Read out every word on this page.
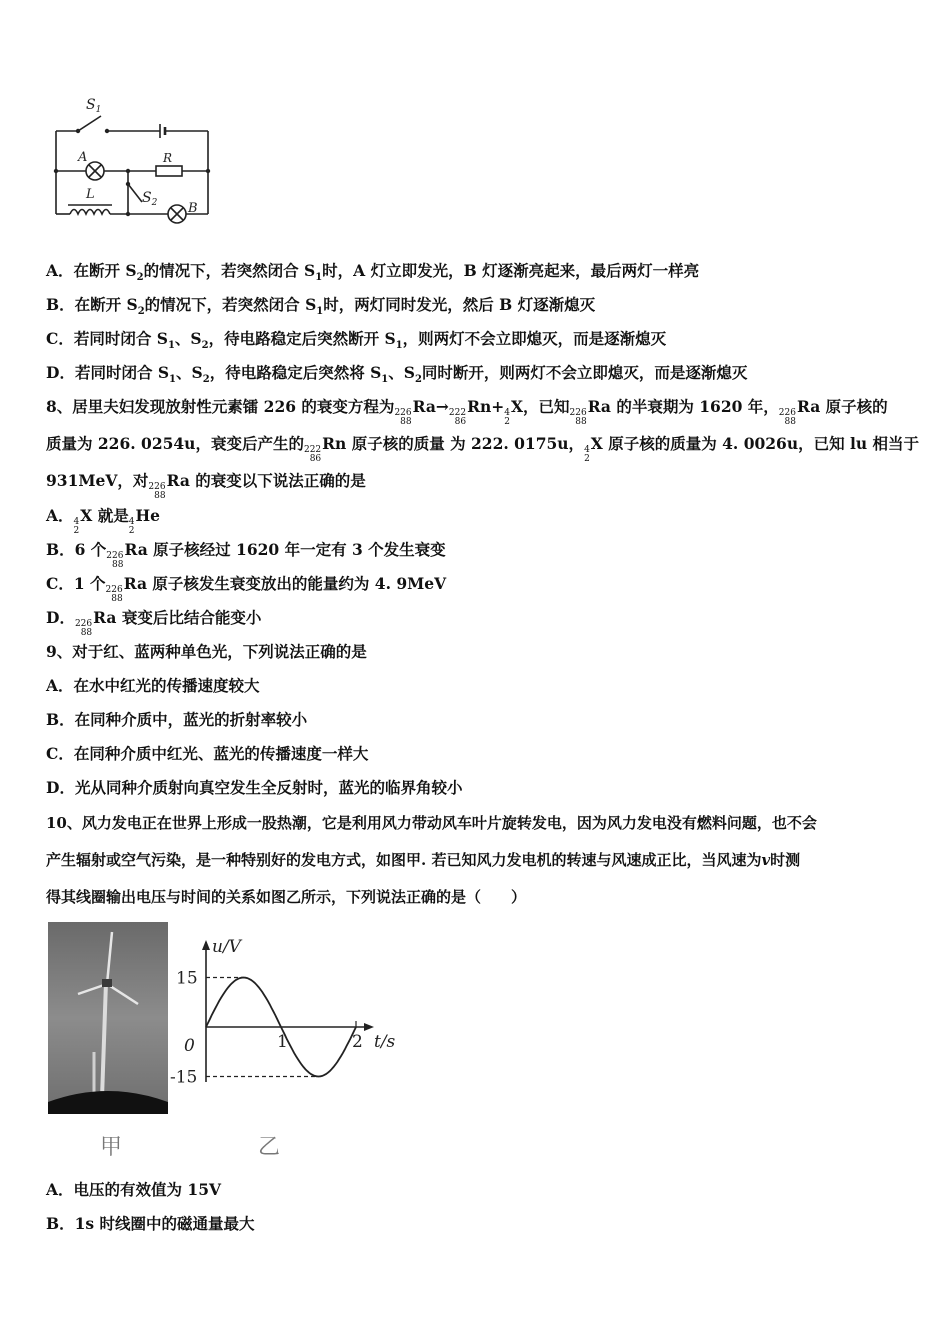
$S_1$
A	R
L	$S_2$ B
A．在断开 $S_2$的情况下，若突然闭合 $S_1$时，A 灯立即发光，B 灯逐渐亮起来，最后两灯一样亮
B．在断开 $S_2$的情况下，若突然闭合 $S_1$时，两灯同时发光，然后 B 灯逐渐熄灭
C．若同时闭合 $S_1$、$S_2$，待电路稳定后突然断开 $S_1$，则两灯不会立即熄灭，而是逐渐熄灭
D．若同时闭合 $S_1$、$S_2$，待电路稳定后突然将 $S_1$、$S_2$同时断开，则两灯不会立即熄灭，而是逐渐熄灭
8、居里夫妇发现放射性元素镭 226 的衰变方程为 226
88
Ra→ 222
86
Rn+ 4
2
X，已知 226
88
Ra 的半衰期为 1620 年， 226
88
Ra 原子核的
质量为 226. 0254u，衰变后产生的 222
86
Rn 原子核的质量 为 222. 0175u， 4
2
X 原子核的质量为 4. 0026u，已知 lu 相当于
931MeV，对 226
88
Ra 的衰变以下说法正确的是
A． 4
2
X 就是 4
2
He
B．6 个 226
88
Ra 原子核经过 1620 年一定有 3 个发生衰变
C．1 个 226
88
Ra 原子核发生衰变放出的能量约为 4. 9MeV
D． 226
88
Ra 衰变后比结合能变小
9、对于红、蓝两种单色光，下列说法正确的是
A．在水中红光的传播速度较大
B．在同种介质中，蓝光的折射率较小
C．在同种介质中红光、蓝光的传播速度一样大
D．光从同种介质射向真空发生全反射时，蓝光的临界角较小
10、风力发电正在世界上形成一股热潮，它是利用风力带动风车叶片旋转发电，因为风力发电没有燃料问题，也不会
产生辐射或空气污染，是一种特别好的发电方式，如图甲. 若已知风力发电机的转速与风速成正比，当风速为v时测
得其线圈输出电压与时间的关系如图乙所示，下列说法正确的是（　　）
甲
u/V
15
-15
0	1	2 t/s
乙
A．电压的有效值为 15V
B．1s 时线圈中的磁通量最大
